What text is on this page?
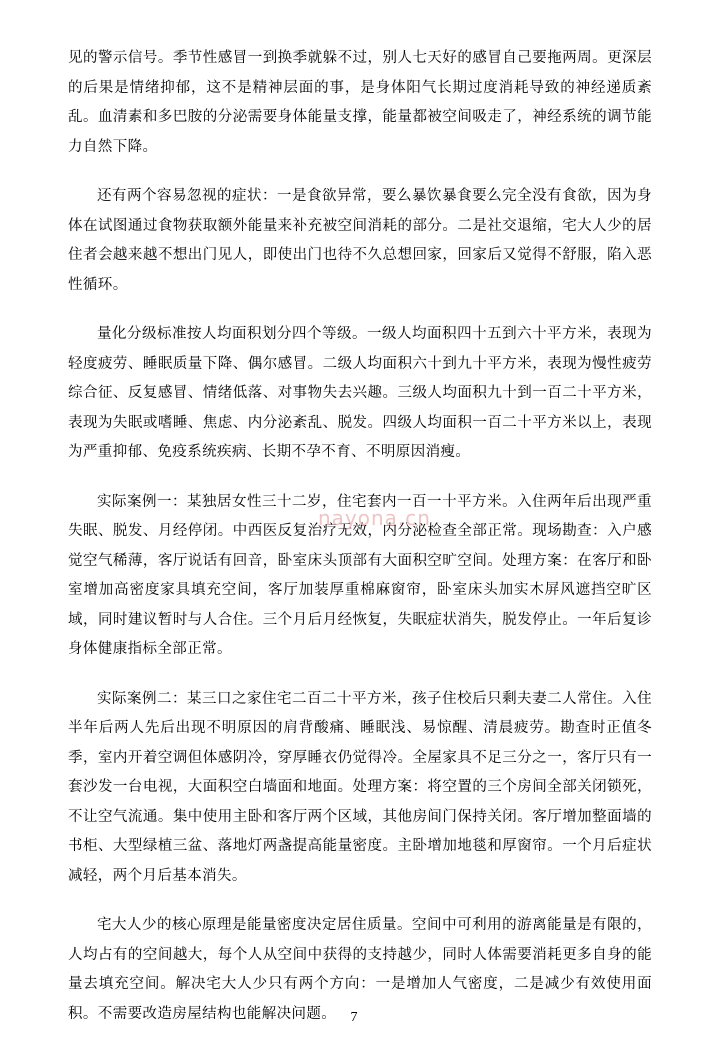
见的警示信号。季节性感冒一到换季就躲不过，别人七天好的感冒自己要拖两周。更深层的后果是情绪抑郁，这不是精神层面的事，是身体阳气长期过度消耗导致的神经递质紊乱。血清素和多巴胺的分泌需要身体能量支撑，能量都被空间吸走了，神经系统的调节能力自然下降。

还有两个容易忽视的症状：一是食欲异常，要么暴饮暴食要么完全没有食欲，因为身体在试图通过食物获取额外能量来补充被空间消耗的部分。二是社交退缩，宅大人少的居住者会越来越不想出门见人，即使出门也待不久总想回家，回家后又觉得不舒服，陷入恶性循环。

量化分级标准按人均面积划分四个等级。一级人均面积四十五到六十平方米，表现为轻度疲劳、睡眠质量下降、偶尔感冒。二级人均面积六十到九十平方米，表现为慢性疲劳综合征、反复感冒、情绪低落、对事物失去兴趣。三级人均面积九十到一百二十平方米，表现为失眠或嗜睡、焦虑、内分泌紊乱、脱发。四级人均面积一百二十平方米以上，表现为严重抑郁、免疫系统疾病、长期不孕不育、不明原因消瘦。

实际案例一：某独居女性三十二岁，住宅套内一百一十平方米。入住两年后出现严重失眠、脱发、月经停闭。中西医反复治疗无效，内分泌检查全部正常。现场勘查：入户感觉空气稀薄，客厅说话有回音，卧室床头顶部有大面积空旷空间。处理方案：在客厅和卧室增加高密度家具填充空间，客厅加装厚重棉麻窗帘，卧室床头加实木屏风遮挡空旷区域，同时建议暂时与人合住。三个月后月经恢复，失眠症状消失，脱发停止。一年后复诊身体健康指标全部正常。

实际案例二：某三口之家住宅二百二十平方米，孩子住校后只剩夫妻二人常住。入住半年后两人先后出现不明原因的肩背酸痛、睡眠浅、易惊醒、清晨疲劳。勘查时正值冬季，室内开着空调但体感阴冷，穿厚睡衣仍觉得冷。全屋家具不足三分之一，客厅只有一套沙发一台电视，大面积空白墙面和地面。处理方案：将空置的三个房间全部关闭锁死，不让空气流通。集中使用主卧和客厅两个区域，其他房间门保持关闭。客厅增加整面墙的书柜、大型绿植三盆、落地灯两盏提高能量密度。主卧增加地毯和厚窗帘。一个月后症状减轻，两个月后基本消失。

宅大人少的核心原理是能量密度决定居住质量。空间中可利用的游离能量是有限的，人均占有的空间越大，每个人从空间中获得的支持越少，同时人体需要消耗更多自身的能量去填充空间。解决宅大人少只有两个方向：一是增加人气密度，二是减少有效使用面积。不需要改造房屋结构也能解决问题。

nayona.cn
7
